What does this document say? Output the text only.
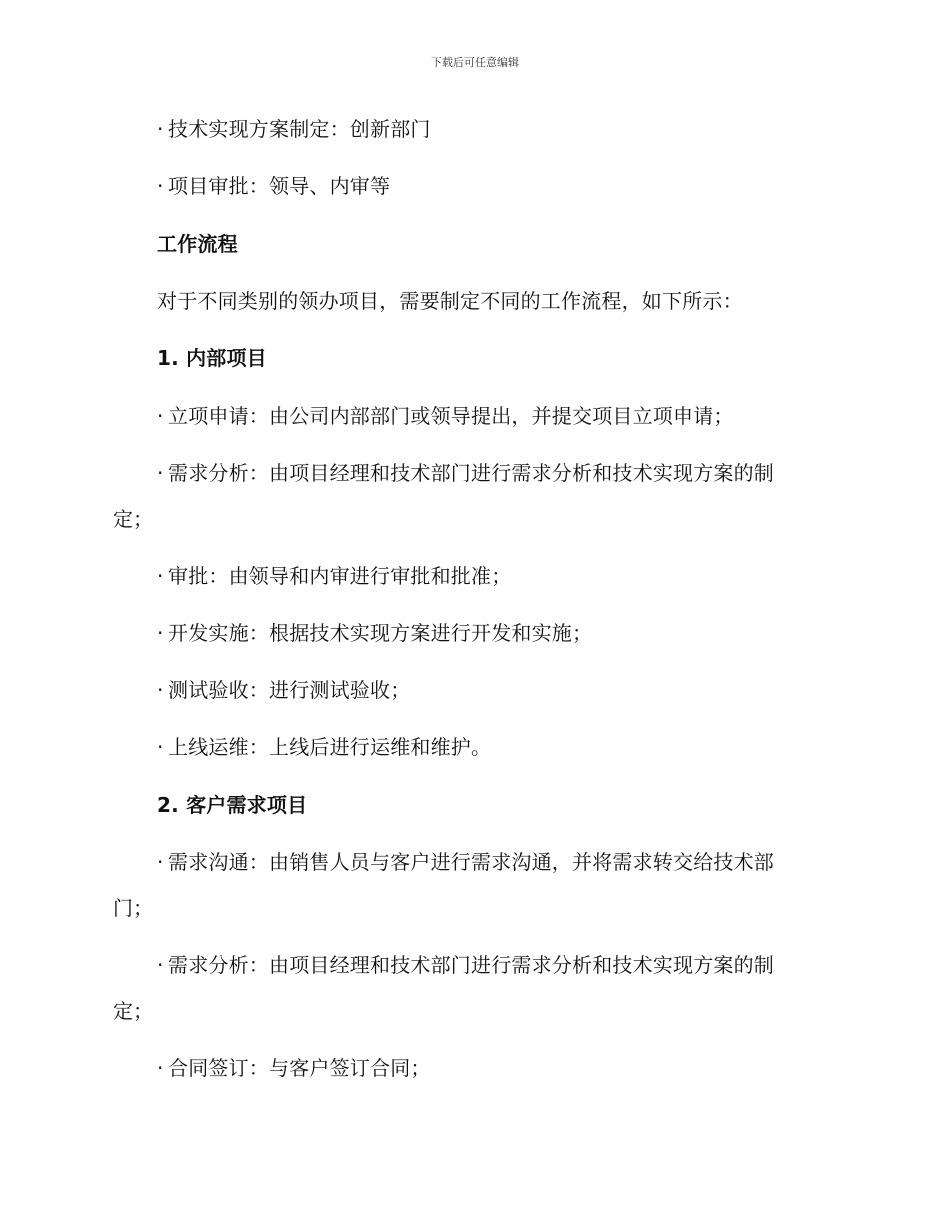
下载后可任意编辑
· 技术实现方案制定：创新部门
· 项目审批：领导、内审等
工作流程
对于不同类别的领办项目，需要制定不同的工作流程，如下所示：
1. 内部项目
· 立项申请：由公司内部部门或领导提出，并提交项目立项申请；
· 需求分析：由项目经理和技术部门进行需求分析和技术实现方案的制
定；
· 审批：由领导和内审进行审批和批准；
· 开发实施：根据技术实现方案进行开发和实施；
· 测试验收：进行测试验收；
· 上线运维：上线后进行运维和维护。
2. 客户需求项目
· 需求沟通：由销售人员与客户进行需求沟通，并将需求转交给技术部
门；
· 需求分析：由项目经理和技术部门进行需求分析和技术实现方案的制
定；
· 合同签订：与客户签订合同；
